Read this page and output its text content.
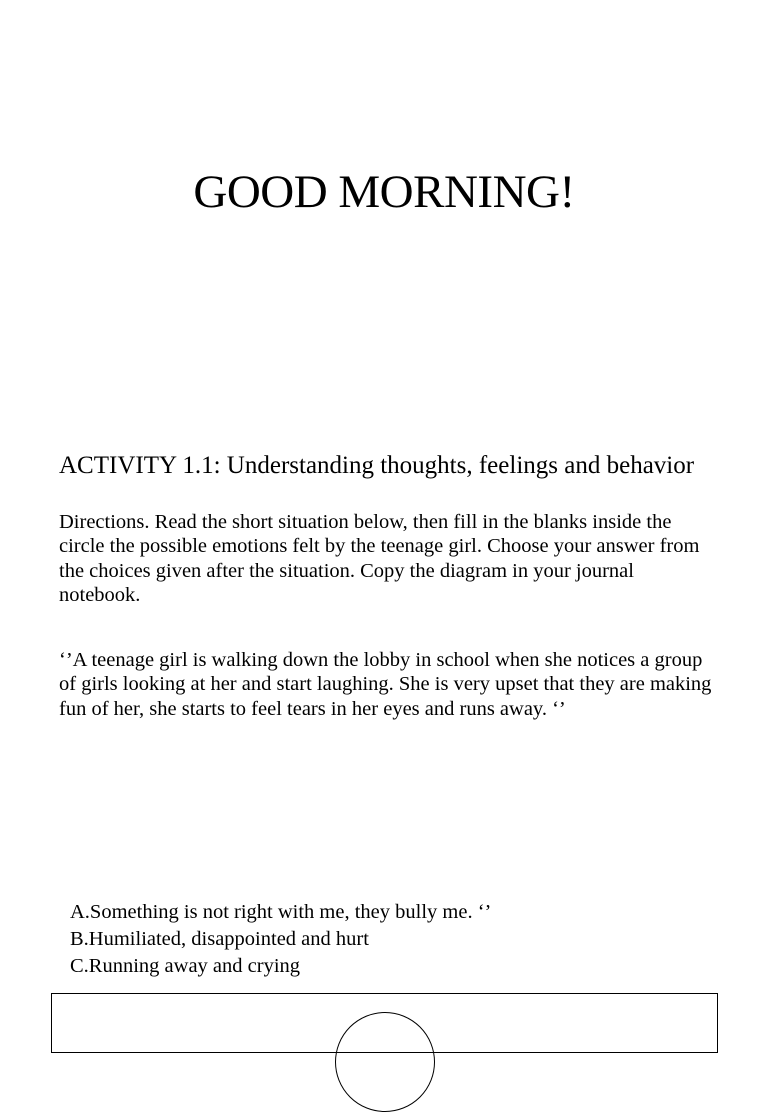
GOOD MORNING!
ACTIVITY 1.1: Understanding thoughts, feelings and behavior

Directions. Read the short situation below, then fill in the blanks inside the circle the possible emotions felt by the teenage girl. Choose your answer from the choices given after the situation. Copy the diagram in your journal notebook.

‘’A teenage girl is walking down the lobby in school when she notices a group of girls looking at her and start laughing. She is very upset that they are making fun of her, she starts to feel tears in her eyes and runs away. ‘’

A.Something is not right with me, they bully me. ‘’
B.Humiliated, disappointed and hurt
C.Running away and crying
